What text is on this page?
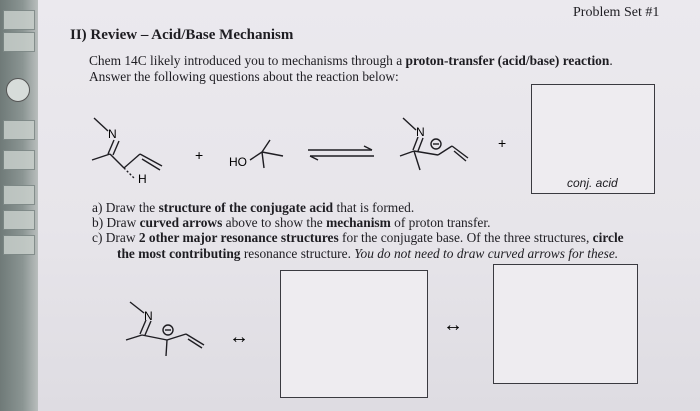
Problem Set #1
II) Review – Acid/Base Mechanism
Chem 14C likely introduced you to mechanisms through a proton-transfer (acid/base) reaction.
Answer the following questions about the reaction below:
N
H
+ HO
N
+
N
↔
↔
conj. acid
a) Draw the structure of the conjugate acid that is formed.
b) Draw curved arrows above to show the mechanism of proton transfer.
c) Draw 2 other major resonance structures for the conjugate base. Of the three structures, circle
the most contributing resonance structure. You do not need to draw curved arrows for these.
